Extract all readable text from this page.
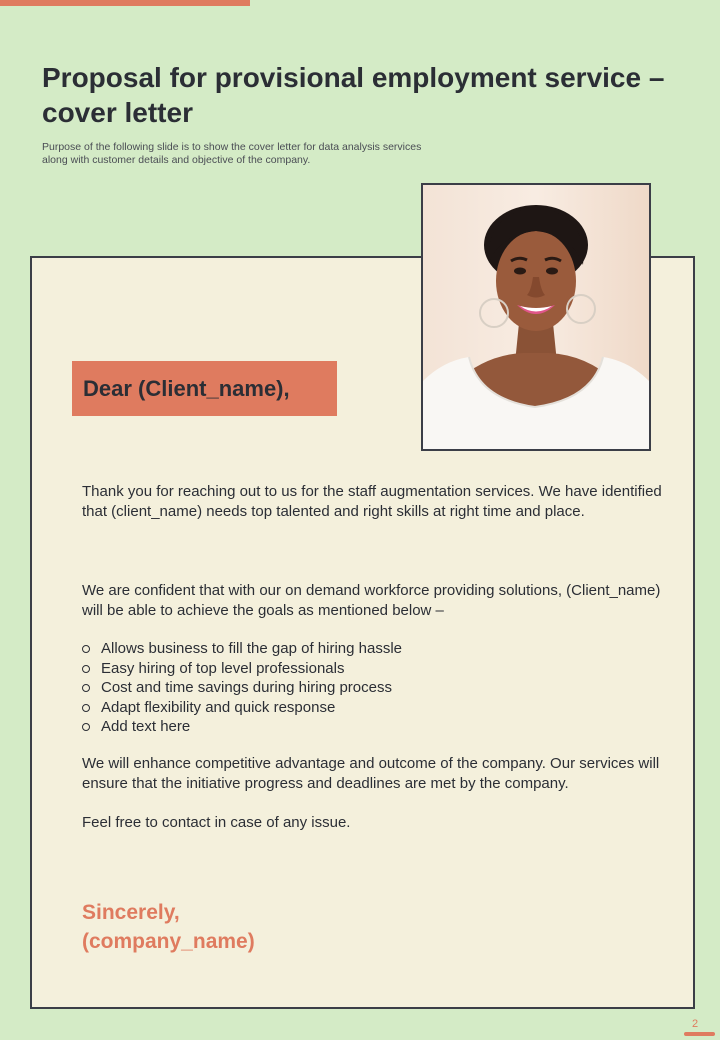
Proposal for provisional employment service – cover letter

Purpose of the following slide is to show the cover letter for data analysis services along with customer details and objective of the company.

Dear (Client_name),

Thank you for reaching out to us for the staff augmentation services. We have identified that (client_name) needs top talented and right skills at right time and place.

We are confident that with our on demand workforce providing solutions, (Client_name) will be able to achieve the goals as mentioned below –

Allows business to fill the gap of hiring hassle
Easy hiring of top level professionals
Cost and time savings during hiring process
Adapt flexibility and quick response
Add text here

We will enhance competitive advantage and outcome of the company. Our services will ensure that the initiative progress and deadlines are met by the company.

Feel free to contact in case of any issue.

Sincerely,
(company_name)

2
